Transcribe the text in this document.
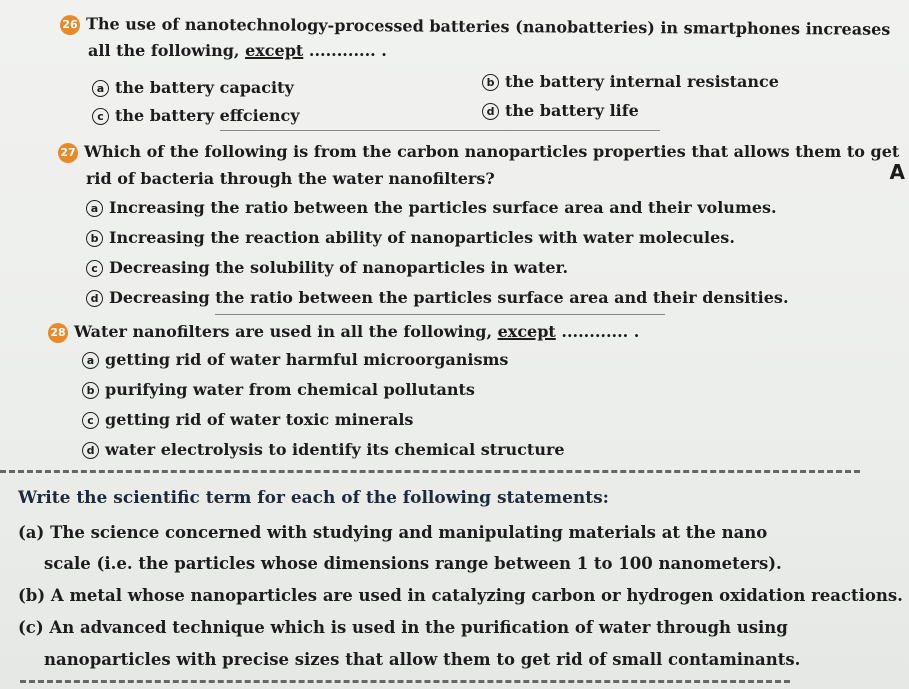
26 The use of nanotechnology-processed batteries (nanobatteries) in smartphones increases
all the following, except ............ .
a the battery capacity	b the battery internal resistance
c the battery effciency	d the battery life
27 Which of the following is from the carbon nanoparticles properties that allows them to get
rid of bacteria through the water nanofilters?
a Increasing the ratio between the particles surface area and their volumes.
b Increasing the reaction ability of nanoparticles with water molecules.
c Decreasing the solubility of nanoparticles in water.
d Decreasing the ratio between the particles surface area and their densities.
28 Water nanofilters are used in all the following, except ............ .
a getting rid of water harmful microorganisms
b purifying water from chemical pollutants
c getting rid of water toxic minerals
d water electrolysis to identify its chemical structure
Write the scientific term for each of the following statements:
(a) The science concerned with studying and manipulating materials at the nano
scale (i.e. the particles whose dimensions range between 1 to 100 nanometers).
(b) A metal whose nanoparticles are used in catalyzing carbon or hydrogen oxidation reactions.
(c) An advanced technique which is used in the purification of water through using
nanoparticles with precise sizes that allow them to get rid of small contaminants.
A
